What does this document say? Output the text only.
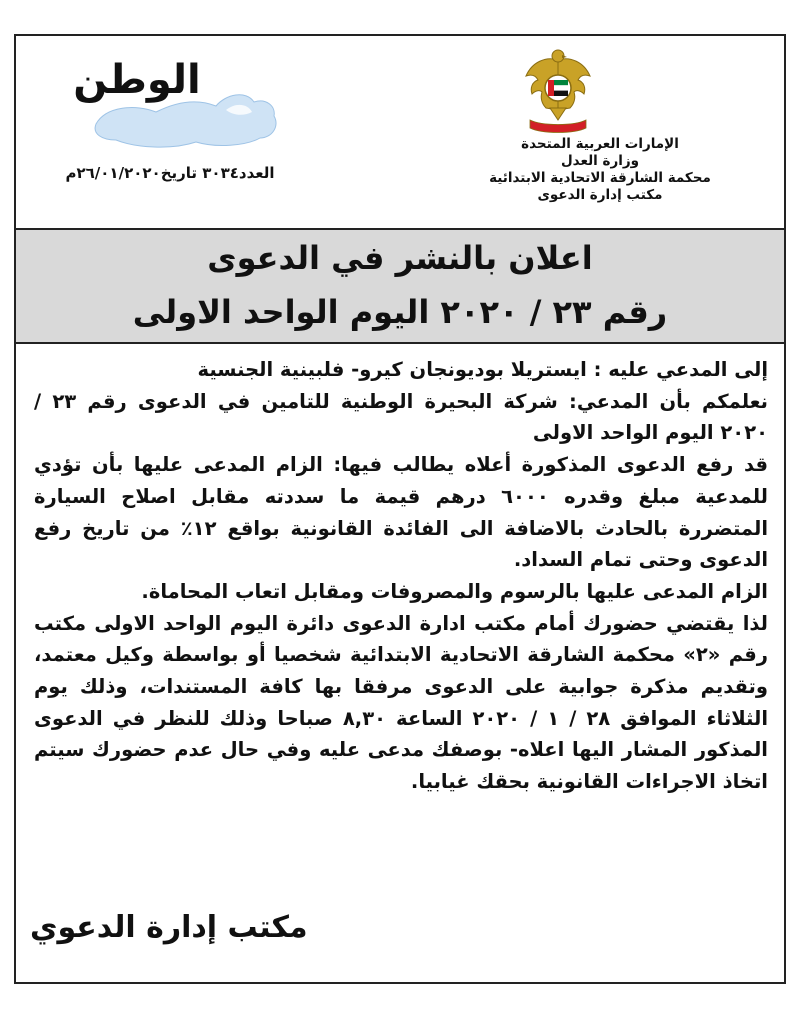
الإمارات العربية المتحدة
وزارة العدل
محكمة الشارقة الاتحادية الابتدائية
مكتب إدارة الدعوى
الوطن
العدد٣٠٣٤ تاريخ٢٦/٠١/٢٠٢٠م
اعلان بالنشر في الدعوى
رقم ٢٣ / ٢٠٢٠ اليوم الواحد الاولى

إلى المدعي عليه : ايستريلا بوديونجان كيرو- فلبينية الجنسية

نعلمكم بأن المدعي: شركة البحيرة الوطنية للتامين في الدعوى رقم ٢٣ / ٢٠٢٠ اليوم الواحد الاولى

قد رفع الدعوى المذكورة أعلاه يطالب فيها: الزام المدعى عليها بأن تؤدي للمدعية مبلغ وقدره ٦٠٠٠ درهم قيمة ما سددته مقابل اصلاح السيارة المتضررة بالحادث بالاضافة الى الفائدة القانونية بواقع ١٢٪ من تاريخ رفع الدعوى وحتى تمام السداد.

الزام المدعى عليها بالرسوم والمصروفات ومقابل اتعاب المحاماة.

لذا يقتضي حضورك أمام مكتب ادارة الدعوى دائرة اليوم الواحد الاولى مكتب رقم «٢» محكمة الشارقة الاتحادية الابتدائية شخصيا أو بواسطة وكيل معتمد، وتقديم مذكرة جوابية على الدعوى مرفقا بها كافة المستندات، وذلك يوم الثلاثاء الموافق ٢٨ / ١ / ٢٠٢٠ الساعة ٨,٣٠ صباحا وذلك للنظر في الدعوى المذكور المشار اليها اعلاه- بوصفك مدعى عليه وفي حال عدم حضورك سيتم اتخاذ الاجراءات القانونية بحقك غيابيا.

مكتب إدارة الدعوي
